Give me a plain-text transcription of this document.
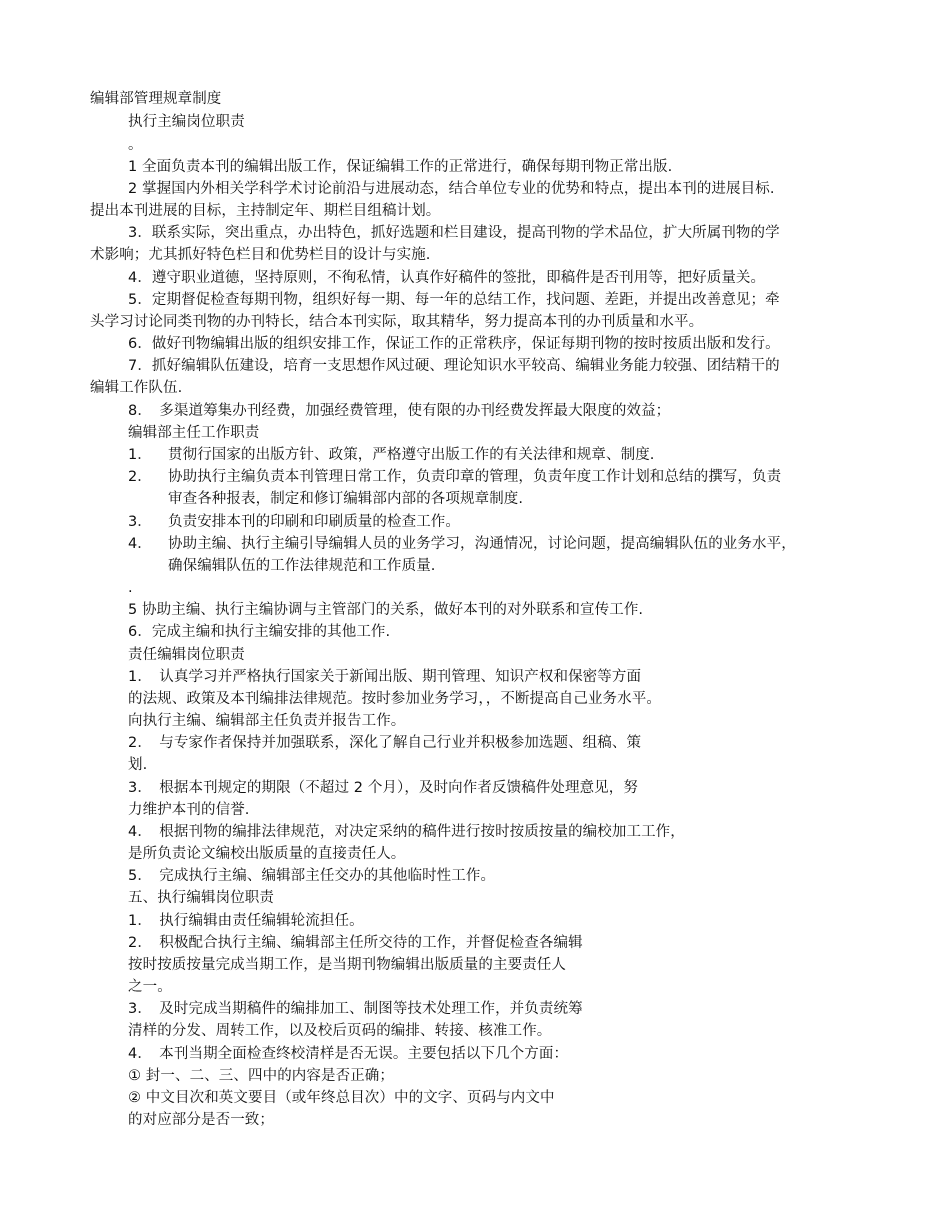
编辑部管理规章制度
执行主编岗位职责
。
1 全面负责本刊的编辑出版工作，保证编辑工作的正常进行，确保每期刊物正常出版.
2 掌握国内外相关学科学术讨论前沿与进展动态，结合单位专业的优势和特点，提出本刊的进展目标.
提出本刊进展的目标，主持制定年、期栏目组稿计划。
3．联系实际，突出重点，办出特色，抓好选题和栏目建设，提高刊物的学术品位，扩大所属刊物的学
术影响；尤其抓好特色栏目和优势栏目的设计与实施.
4．遵守职业道德，坚持原则，不徇私情，认真作好稿件的签批，即稿件是否刊用等，把好质量关。
5．定期督促检查每期刊物，组织好每一期、每一年的总结工作，找问题、差距，并提出改善意见；牵
头学习讨论同类刊物的办刊特长，结合本刊实际，取其精华，努力提高本刊的办刊质量和水平。
6．做好刊物编辑出版的组织安排工作，保证工作的正常秩序，保证每期刊物的按时按质出版和发行。
7．抓好编辑队伍建设，培育一支思想作风过硬、理论知识水平较高、编辑业务能力较强、团结精干的
编辑工作队伍.
8．　多渠道筹集办刊经费，加强经费管理，使有限的办刊经费发挥最大限度的效益；
编辑部主任工作职责
1． 贯彻行国家的出版方针、政策，严格遵守出版工作的有关法律和规章、制度.
2． 协助执行主编负责本刊管理日常工作，负责印章的管理，负责年度工作计划和总结的撰写，负责
审查各种报表，制定和修订编辑部内部的各项规章制度.
3． 负责安排本刊的印刷和印刷质量的检查工作。
4． 协助主编、执行主编引导编辑人员的业务学习，沟通情况，讨论问题，提高编辑队伍的业务水平，
确保编辑队伍的工作法律规范和工作质量.
.
5 协助主编、执行主编协调与主管部门的关系，做好本刊的对外联系和宣传工作.
6．完成主编和执行主编安排的其他工作.
责任编辑岗位职责
1．　认真学习并严格执行国家关于新闻出版、期刊管理、知识产权和保密等方面
的法规、政策及本刊编排法律规范。按时参加业务学习，，不断提高自己业务水平。
向执行主编、编辑部主任负责并报告工作。
2．　与专家作者保持并加强联系，深化了解自己行业并积极参加选题、组稿、策
划.
3．　根据本刊规定的期限（不超过 2 个月），及时向作者反馈稿件处理意见，努
力维护本刊的信誉.
4．　根据刊物的编排法律规范，对决定采纳的稿件进行按时按质按量的编校加工工作，
是所负责论文编校出版质量的直接责任人。
5．　完成执行主编、编辑部主任交办的其他临时性工作。
五、执行编辑岗位职责
1．　执行编辑由责任编辑轮流担任。
2．　积极配合执行主编、编辑部主任所交待的工作，并督促检查各编辑
按时按质按量完成当期工作，是当期刊物编辑出版质量的主要责任人
之一。
3．　及时完成当期稿件的编排加工、制图等技术处理工作，并负责统筹
清样的分发、周转工作，以及校后页码的编排、转接、核准工作。
4．　本刊当期全面检查终校清样是否无误。主要包括以下几个方面：
① 封一、二、三、四中的内容是否正确；
② 中文目次和英文要目（或年终总目次）中的文字、页码与内文中
的对应部分是否一致；
